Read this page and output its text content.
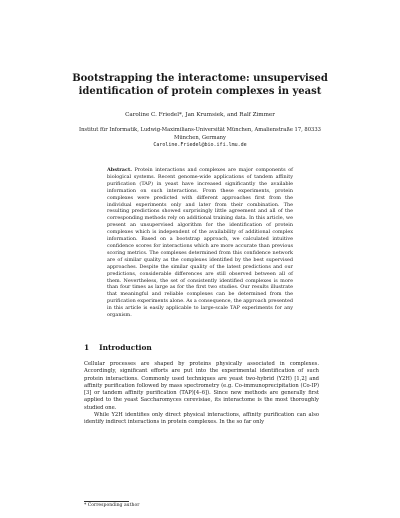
Bootstrapping the interactome: unsupervised identification of protein complexes in yeast
Caroline C. Friedel*, Jan Krumsiek, and Ralf Zimmer
Institut für Informatik, Ludwig-Maximilians-Universität München, Amalienstraße 17, 80333 München, Germany
Caroline.Friedel@bio.ifi.lmu.de
Abstract. Protein interactions and complexes are major components of biological systems. Recent genome-wide applications of tandem affinity purification (TAP) in yeast have increased significantly the available information on such interactions. From these experiments, protein complexes were predicted with different approaches first from the individual experiments only and later from their combination. The resulting predictions showed surprisingly little agreement and all of the corresponding methods rely on additional training data. In this article, we present an unsupervised algorithm for the identification of protein complexes which is independent of the availability of additional complex information. Based on a bootstrap approach, we calculated intuitive confidence scores for interactions which are more accurate than previous scoring metrics. The complexes determined from this confidence network are of similar quality as the complexes identified by the best supervised approaches. Despite the similar quality of the latest predictions and our predictions, considerable differences are still observed between all of them. Nevertheless, the set of consistently identified complexes is more than four times as large as for the first two studies. Our results illustrate that meaningful and reliable complexes can be determined from the purification experiments alone. As a consequence, the approach presented in this article is easily applicable to large-scale TAP experiments for any organism.
1 Introduction

Cellular processes are shaped by proteins physically associated in complexes. Accordingly, significant efforts are put into the experimental identification of such protein interactions. Commonly used techniques are yeast two-hybrid (Y2H) [1,2] and affinity purification followed by mass spectrometry (e.g. Co-immunoprecipitation (Co-IP)[3] or tandem affinity purification (TAP)[4–6]). Since new methods are generally first applied to the yeast Saccharomyces cerevisiae, its interactome is the most thoroughly studied one.

While Y2H identifies only direct physical interactions, affinity purification can also identify indirect interactions in protein complexes. In the so far only

* Corresponding author
